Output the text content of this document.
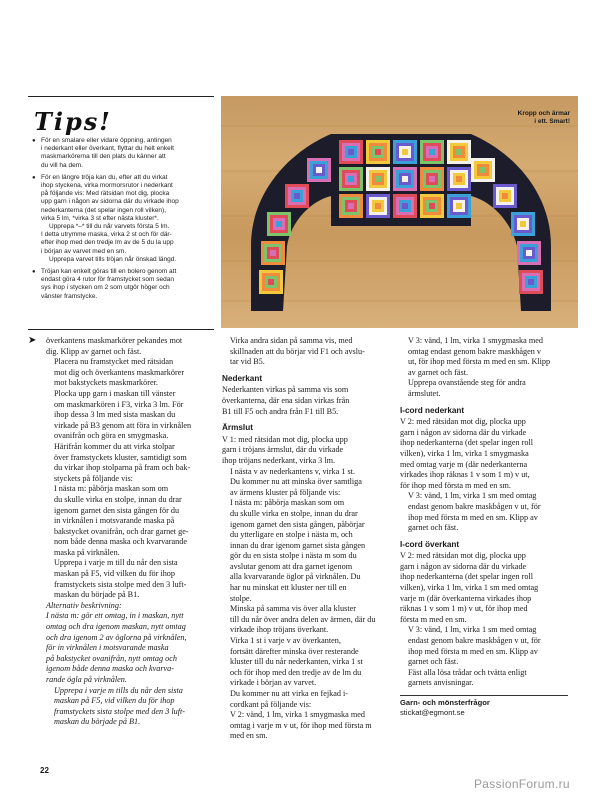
Tips!
● För en smalare eller vidare öppning, antingen
i nederkant eller överkant, flyttar du helt enkelt
maskmarkörerna till den plats du känner att
du vill ha dem.
● För en längre tröja kan du, efter att du virkat
ihop styckena, virka mormorsrutor i nederkant
på följande vis: Med rätsidan mot dig, plocka
upp garn i någon av sidorna där du virkade ihop
nederkanterna (det spelar ingen roll vilken),
virka 5 lm, *virka 3 st efter nästa kluster*.
Upprepa *–* till du når varvets första 5 lm.
I detta utrymme maska, virka 2 st och för där-
efter ihop med den tredje lm av de 5 du la upp
i början av varvet med en sm.
Upprepa varvet tills tröjan når önskad längd.
● Tröjan kan enkelt göras till en bolero genom att
endast göra 4 rutor för framstycket som sedan
sys ihop i stycken om 2 som utgör höger och
vänster framstycke.
Kropp och ärmar
i ett. Smart!
➤ överkantens maskmarkörer pekandes mot
dig. Klipp av garnet och fäst.

Placera nu framstycket med rätsidan
mot dig och överkantens maskmarkörer
mot bakstyckets maskmarkörer.

Plocka upp garn i maskan till vänster
om maskmarkören i F3, virka 3 lm. För
ihop dessa 3 lm med sista maskan du
virkade på B3 genom att föra in virknålen
ovanifrån och göra en smygmaska.

Härifrån kommer du att virka stolpar
över framstyckets kluster, samtidigt som
du virkar ihop stolparna på fram och bak-
styckets på följande vis:

I nästa m: påbörja maskan som om
du skulle virka en stolpe, innan du drar
igenom garnet den sista gången för du
in virknålen i motsvarande maska på
bakstycket ovanifrån, och drar garnet ge-
nom både denna maska och kvarvarande
maska på virknålen.

Upprepa i varje m till du når den sista
maskan på F5, vid vilken du för ihop
framstyckets sista stolpe med den 3 luft-
maskan du började på B1.

Alternativ beskrivning:
I nästa m: gör ett omtag, in i maskan, nytt
omtag och dra igenom maskan, nytt omtag
och dra igenom 2 av öglorna på virknålen,
för in virknålen i motsvarande maska
på bakstycket ovanifrån, nytt omtag och
igenom både denna maska och kvarva-
rande ögla på virknålen.

Upprepa i varje m tills du når den sista
maskan på F5, vid vilken du för ihop
framstyckets sista stolpe med den 3 luft-
maskan du började på B1.

Virka andra sidan på samma vis, med
skillnaden att du börjar vid F1 och avslu-
tar vid B5.

Nederkant

Nederkanten virkas på samma vis som
överkanterna, där ena sidan virkas från
B1 till F5 och andra från F1 till B5.

Ärmslut

V 1: med rätsidan mot dig, plocka upp
garn i tröjans ärmslut, där du virkade
ihop tröjans nederkant, virka 3 lm.

I nästa v av nederkantens v, virka 1 st.
Du kommer nu att minska över samtliga
av ärmens kluster på följande vis:

I nästa m: påbörja maskan som om
du skulle virka en stolpe, innan du drar
igenom garnet den sista gången, påbörjar
du ytterligare en stolpe i nästa m, och
innan du drar igenom garnet sista gången
gör du en sista stolpe i nästa m som du
avslutar genom att dra garnet igenom
alla kvarvarande öglor på virknålen. Du
har nu minskat ett kluster ner till en
stolpe.

Minska på samma vis över alla kluster
till du når över andra delen av ärmen, där du
virkade ihop tröjans överkant.

Virka 1 st i varje v av överkanten,
fortsätt därefter minska över resterande
kluster till du når nederkanten, virka 1 st
och för ihop med den tredje av de lm du
virkade i början av varvet.

Du kommer nu att virka en fejkad i-
cordkant på följande vis:

V 2: vänd, 1 lm, virka 1 smygmaska med
omtag i varje m v ut, för ihop med första m
med en sm.

V 3: vänd, 1 lm, virka 1 smygmaska med
omtag endast genom bakre maskbågen v
ut, för ihop med första m med en sm. Klipp
av garnet och fäst.

Upprepa ovanstående steg för andra
ärmslutet.

I-cord nederkant

V 2: med rätsidan mot dig, plocka upp
garn i någon av sidorna där du virkade
ihop nederkanterna (det spelar ingen roll
vilken), virka 1 lm, virka 1 smygmaska
med omtag varje m (där nederkanterna
virkades ihop räknas 1 v som 1 m) v ut,
för ihop med första m med en sm.

V 3: vänd, 1 lm, virka 1 sm med omtag
endast genom bakre maskbågen v ut, för
ihop med första m med en sm. Klipp av
garnet och fäst.

I-cord överkant

V 2: med rätsidan mot dig, plocka upp
garn i någon av sidorna där du virkade
ihop nederkanterna (det spelar ingen roll
vilken), virka 1 lm, virka 1 sm med omtag
varje m (där överkanterna virkades ihop
räknas 1 v som 1 m) v ut, för ihop med
första m med en sm.

V 3: vänd, 1 lm, virka 1 sm med omtag
endast genom bakre maskbågen v ut, för
ihop med första m med en sm. Klipp av
garnet och fäst.

Fäst alla lösa trådar och tvätta enligt
garnets anvisningar.

Garn- och mönsterfrågor
stickat@egmont.se
22
PassionForum.ru
